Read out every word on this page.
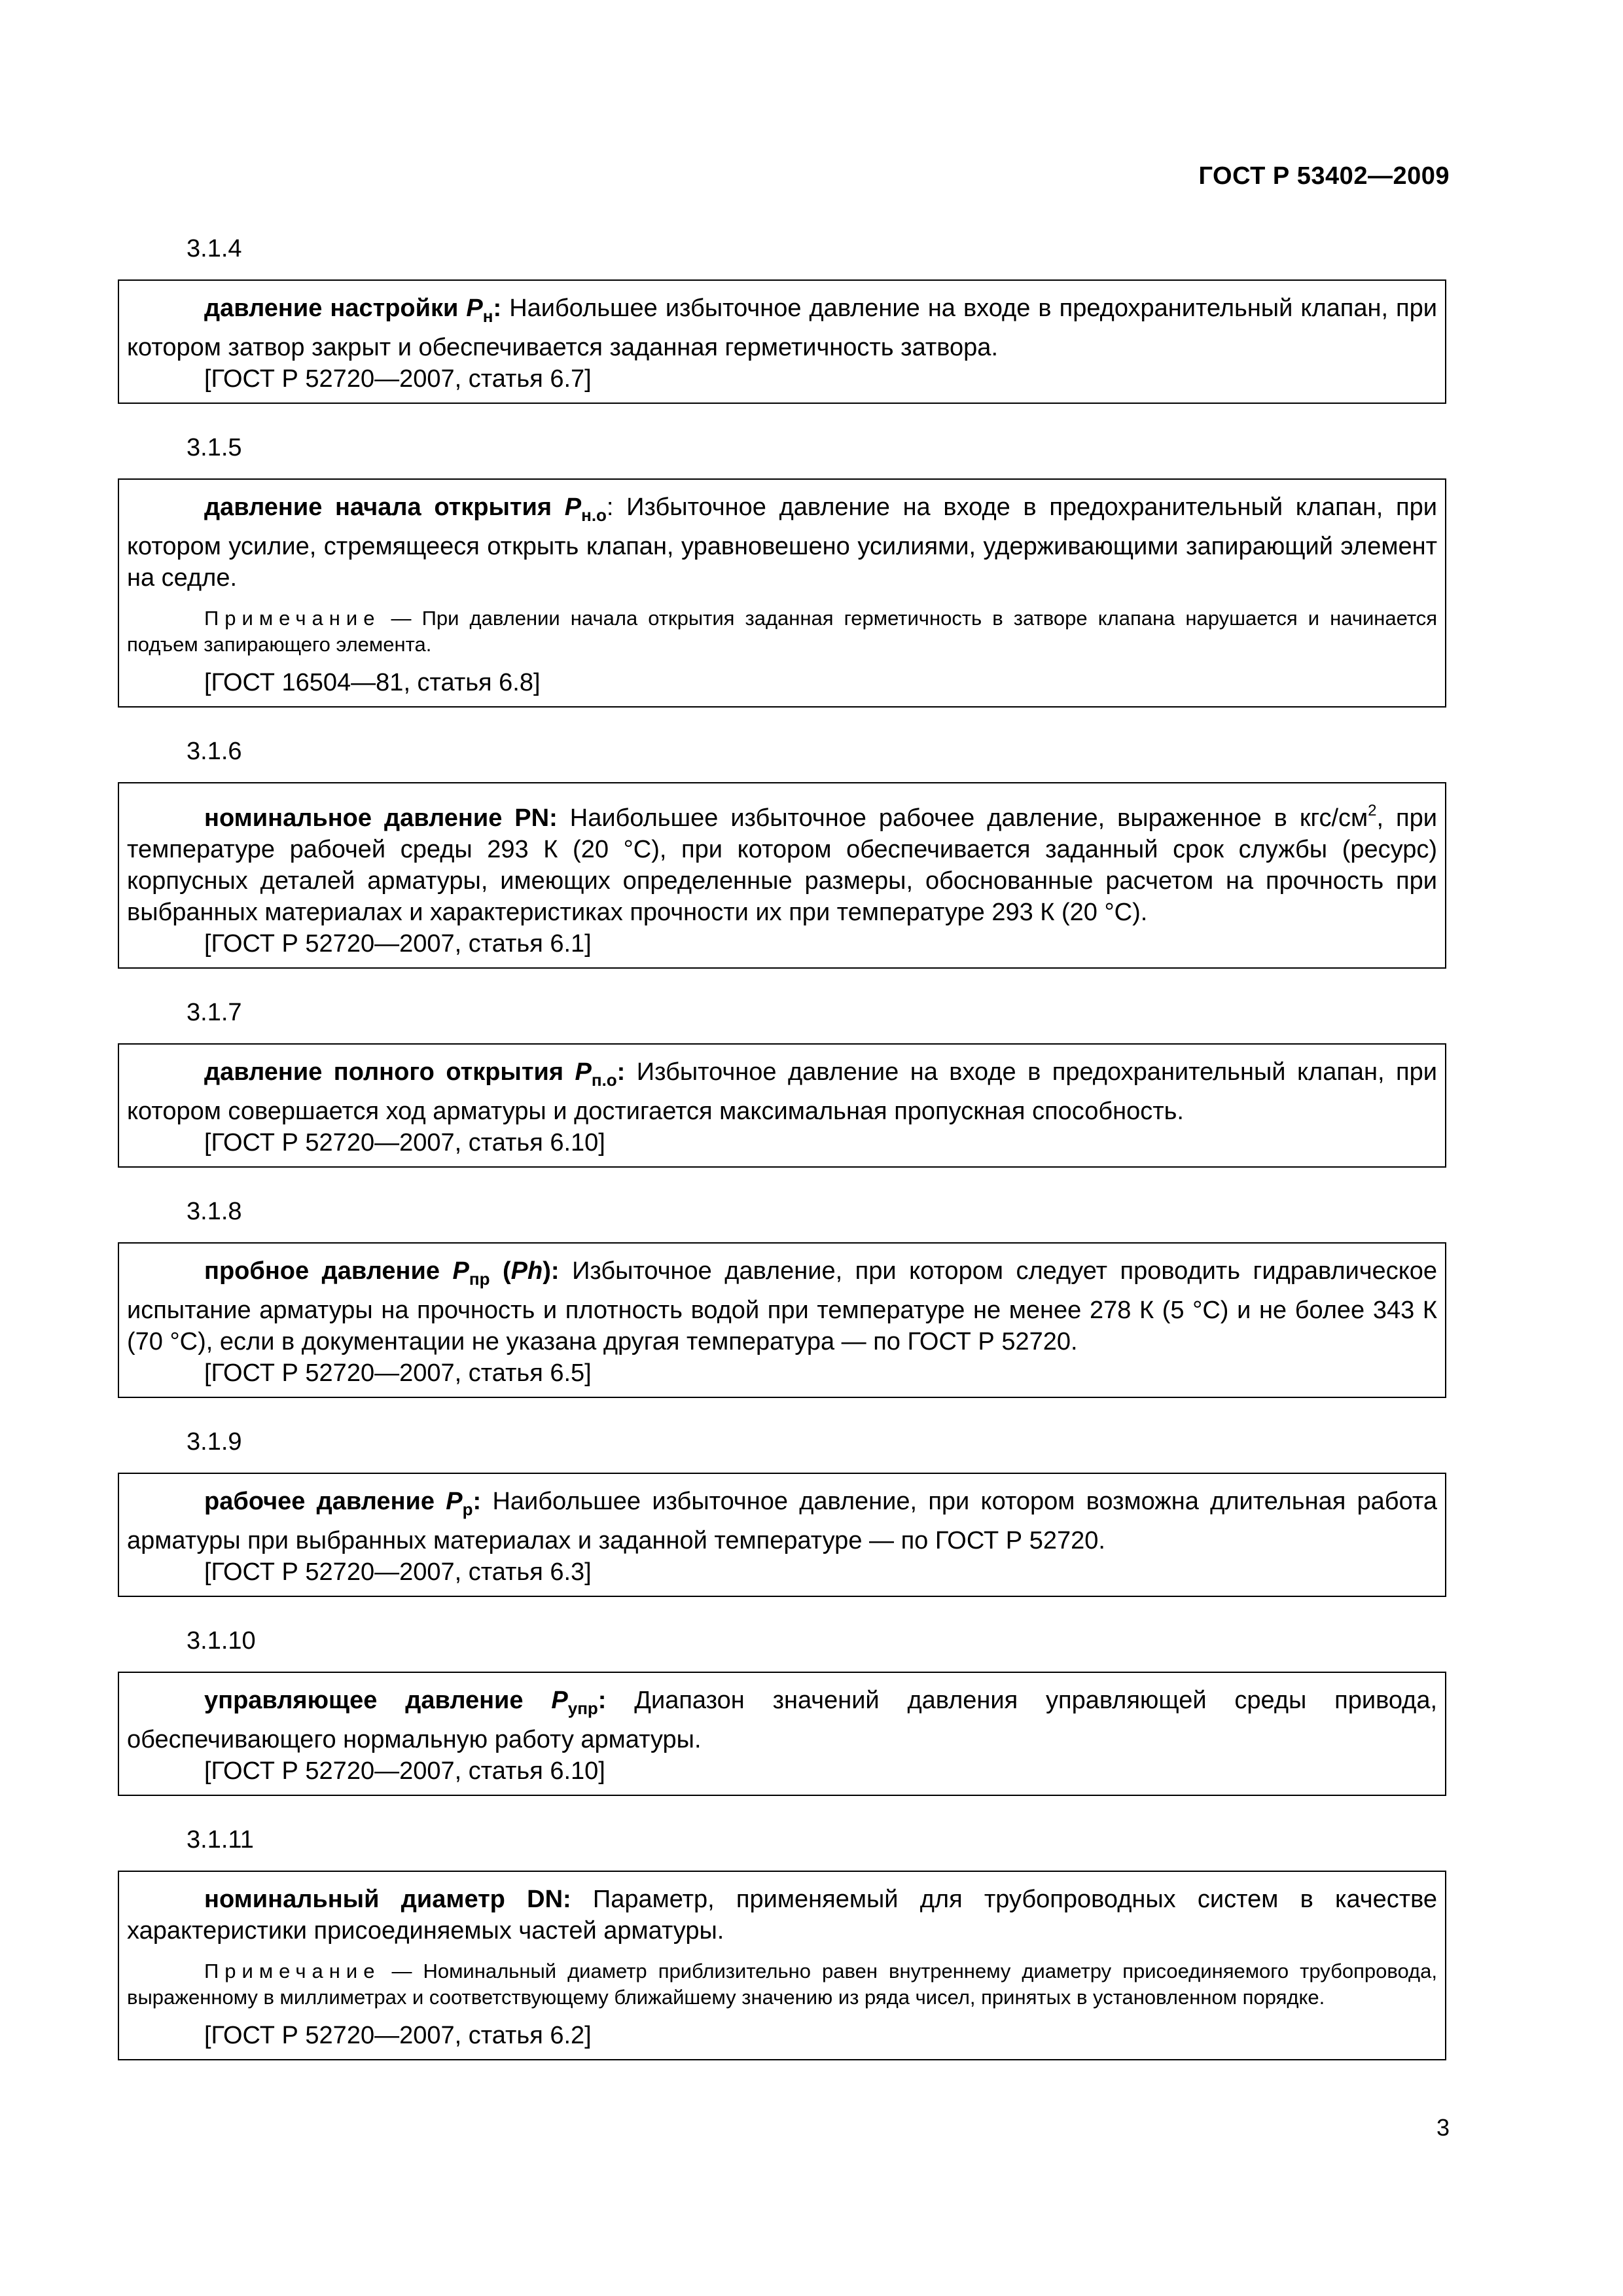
ГОСТ Р 53402—2009
3.1.4

давление настройки $P_н$: Наибольшее избыточное давление на входе в предохранительный клапан, при котором затвор закрыт и обеспечивается заданная герметичность затвора.

[ГОСТ Р 52720—2007, статья 6.7]

3.1.5

давление начала открытия $P_{н.о}$: Избыточное давление на входе в предохранительный клапан, при котором усилие, стремящееся открыть клапан, уравновешено усилиями, удерживающими запирающий элемент на седле.

Примечание — При давлении начала открытия заданная герметичность в затворе клапана нарушается и начинается подъем запирающего элемента.

[ГОСТ 16504—81, статья 6.8]

3.1.6

номинальное давление PN: Наибольшее избыточное рабочее давление, выраженное в кгс/$см^2$, при температуре рабочей среды 293 К (20 °С), при котором обеспечивается заданный срок службы (ресурс) корпусных деталей арматуры, имеющих определенные размеры, обоснованные расчетом на прочность при выбранных материалах и характеристиках прочности их при температуре 293 К (20 °С).

[ГОСТ Р 52720—2007, статья 6.1]

3.1.7

давление полного открытия $P_{п.о}$: Избыточное давление на входе в предохранительный клапан, при котором совершается ход арматуры и достигается максимальная пропускная способность.

[ГОСТ Р 52720—2007, статья 6.10]

3.1.8

пробное давление $P_{пр}$ (Ph): Избыточное давление, при котором следует проводить гидравлическое испытание арматуры на прочность и плотность водой при температуре не менее 278 К (5 °С) и не более 343 К (70 °С), если в документации не указана другая температура — по ГОСТ Р 52720.

[ГОСТ Р 52720—2007, статья 6.5]

3.1.9

рабочее давление $P_р$: Наибольшее избыточное давление, при котором возможна длительная работа арматуры при выбранных материалах и заданной температуре — по ГОСТ Р 52720.

[ГОСТ Р 52720—2007, статья 6.3]

3.1.10

управляющее давление $P_{упр}$: Диапазон значений давления управляющей среды привода, обеспечивающего нормальную работу арматуры.

[ГОСТ Р 52720—2007, статья 6.10]

3.1.11

номинальный диаметр DN: Параметр, применяемый для трубопроводных систем в качестве характеристики присоединяемых частей арматуры.

Примечание — Номинальный диаметр приблизительно равен внутреннему диаметру присоединяемого трубопровода, выраженному в миллиметрах и соответствующему ближайшему значению из ряда чисел, принятых в установленном порядке.

[ГОСТ Р 52720—2007, статья 6.2]

3
